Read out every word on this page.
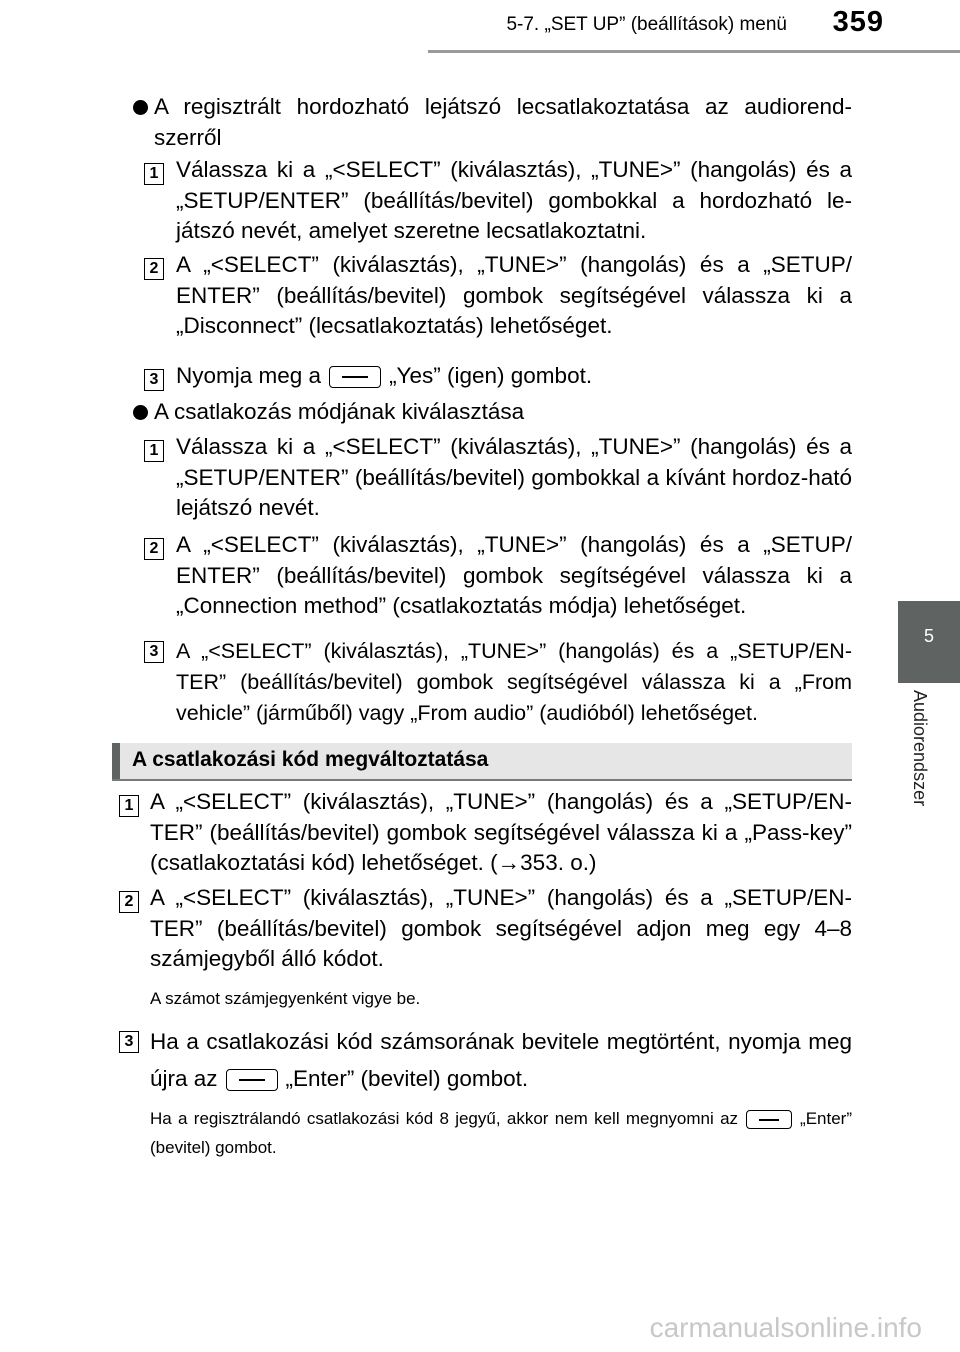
5-7. „SET UP” (beállítások) menü 359
5
Audiorendszer
A regisztrált hordozható lejátszó lecsatlakoztatása az audiorend-szerről
1 Válassza ki a „<SELECT” (kiválasztás), „TUNE>” (hangolás) és a „SETUP/ENTER” (beállítás/bevitel) gombokkal a hordozható le-játszó nevét, amelyet szeretne lecsatlakoztatni.
2 A „<SELECT” (kiválasztás), „TUNE>” (hangolás) és a „SETUP/ ENTER” (beállítás/bevitel) gombok segítségével válassza ki a „Disconnect” (lecsatlakoztatás) lehetőséget.
3 Nyomja meg a	„Yes” (igen) gombot.
A csatlakozás módjának kiválasztása
1 Válassza ki a „<SELECT” (kiválasztás), „TUNE>” (hangolás) és a „SETUP/ENTER” (beállítás/bevitel) gombokkal a kívánt hordoz-ható lejátszó nevét.
2 A „<SELECT” (kiválasztás), „TUNE>” (hangolás) és a „SETUP/ ENTER” (beállítás/bevitel) gombok segítségével válassza ki a „Connection method” (csatlakoztatás módja) lehetőséget.
3 A „<SELECT” (kiválasztás), „TUNE>” (hangolás) és a „SETUP/EN-TER” (beállítás/bevitel) gombok segítségével válassza ki a „From vehicle” (járműből) vagy „From audio” (audióból) lehetőséget.
A csatlakozási kód megváltoztatása
1 A „<SELECT” (kiválasztás), „TUNE>” (hangolás) és a „SETUP/EN-TER” (beállítás/bevitel) gombok segítségével válassza ki a „Pass-key” (csatlakoztatási kód) lehetőséget. (→353. o.)
2 A „<SELECT” (kiválasztás), „TUNE>” (hangolás) és a „SETUP/EN-TER” (beállítás/bevitel) gombok segítségével adjon meg egy 4–8 számjegyből álló kódot.
A számot számjegyenként vigye be.
3 Ha a csatlakozási kód számsorának bevitele megtörtént, nyomja meg újra az	„Enter” (bevitel) gombot.
Ha a regisztrálandó csatlakozási kód 8 jegyű, akkor nem kell megnyomni az	„Enter” (bevitel) gombot.
carmanualsonline.info
